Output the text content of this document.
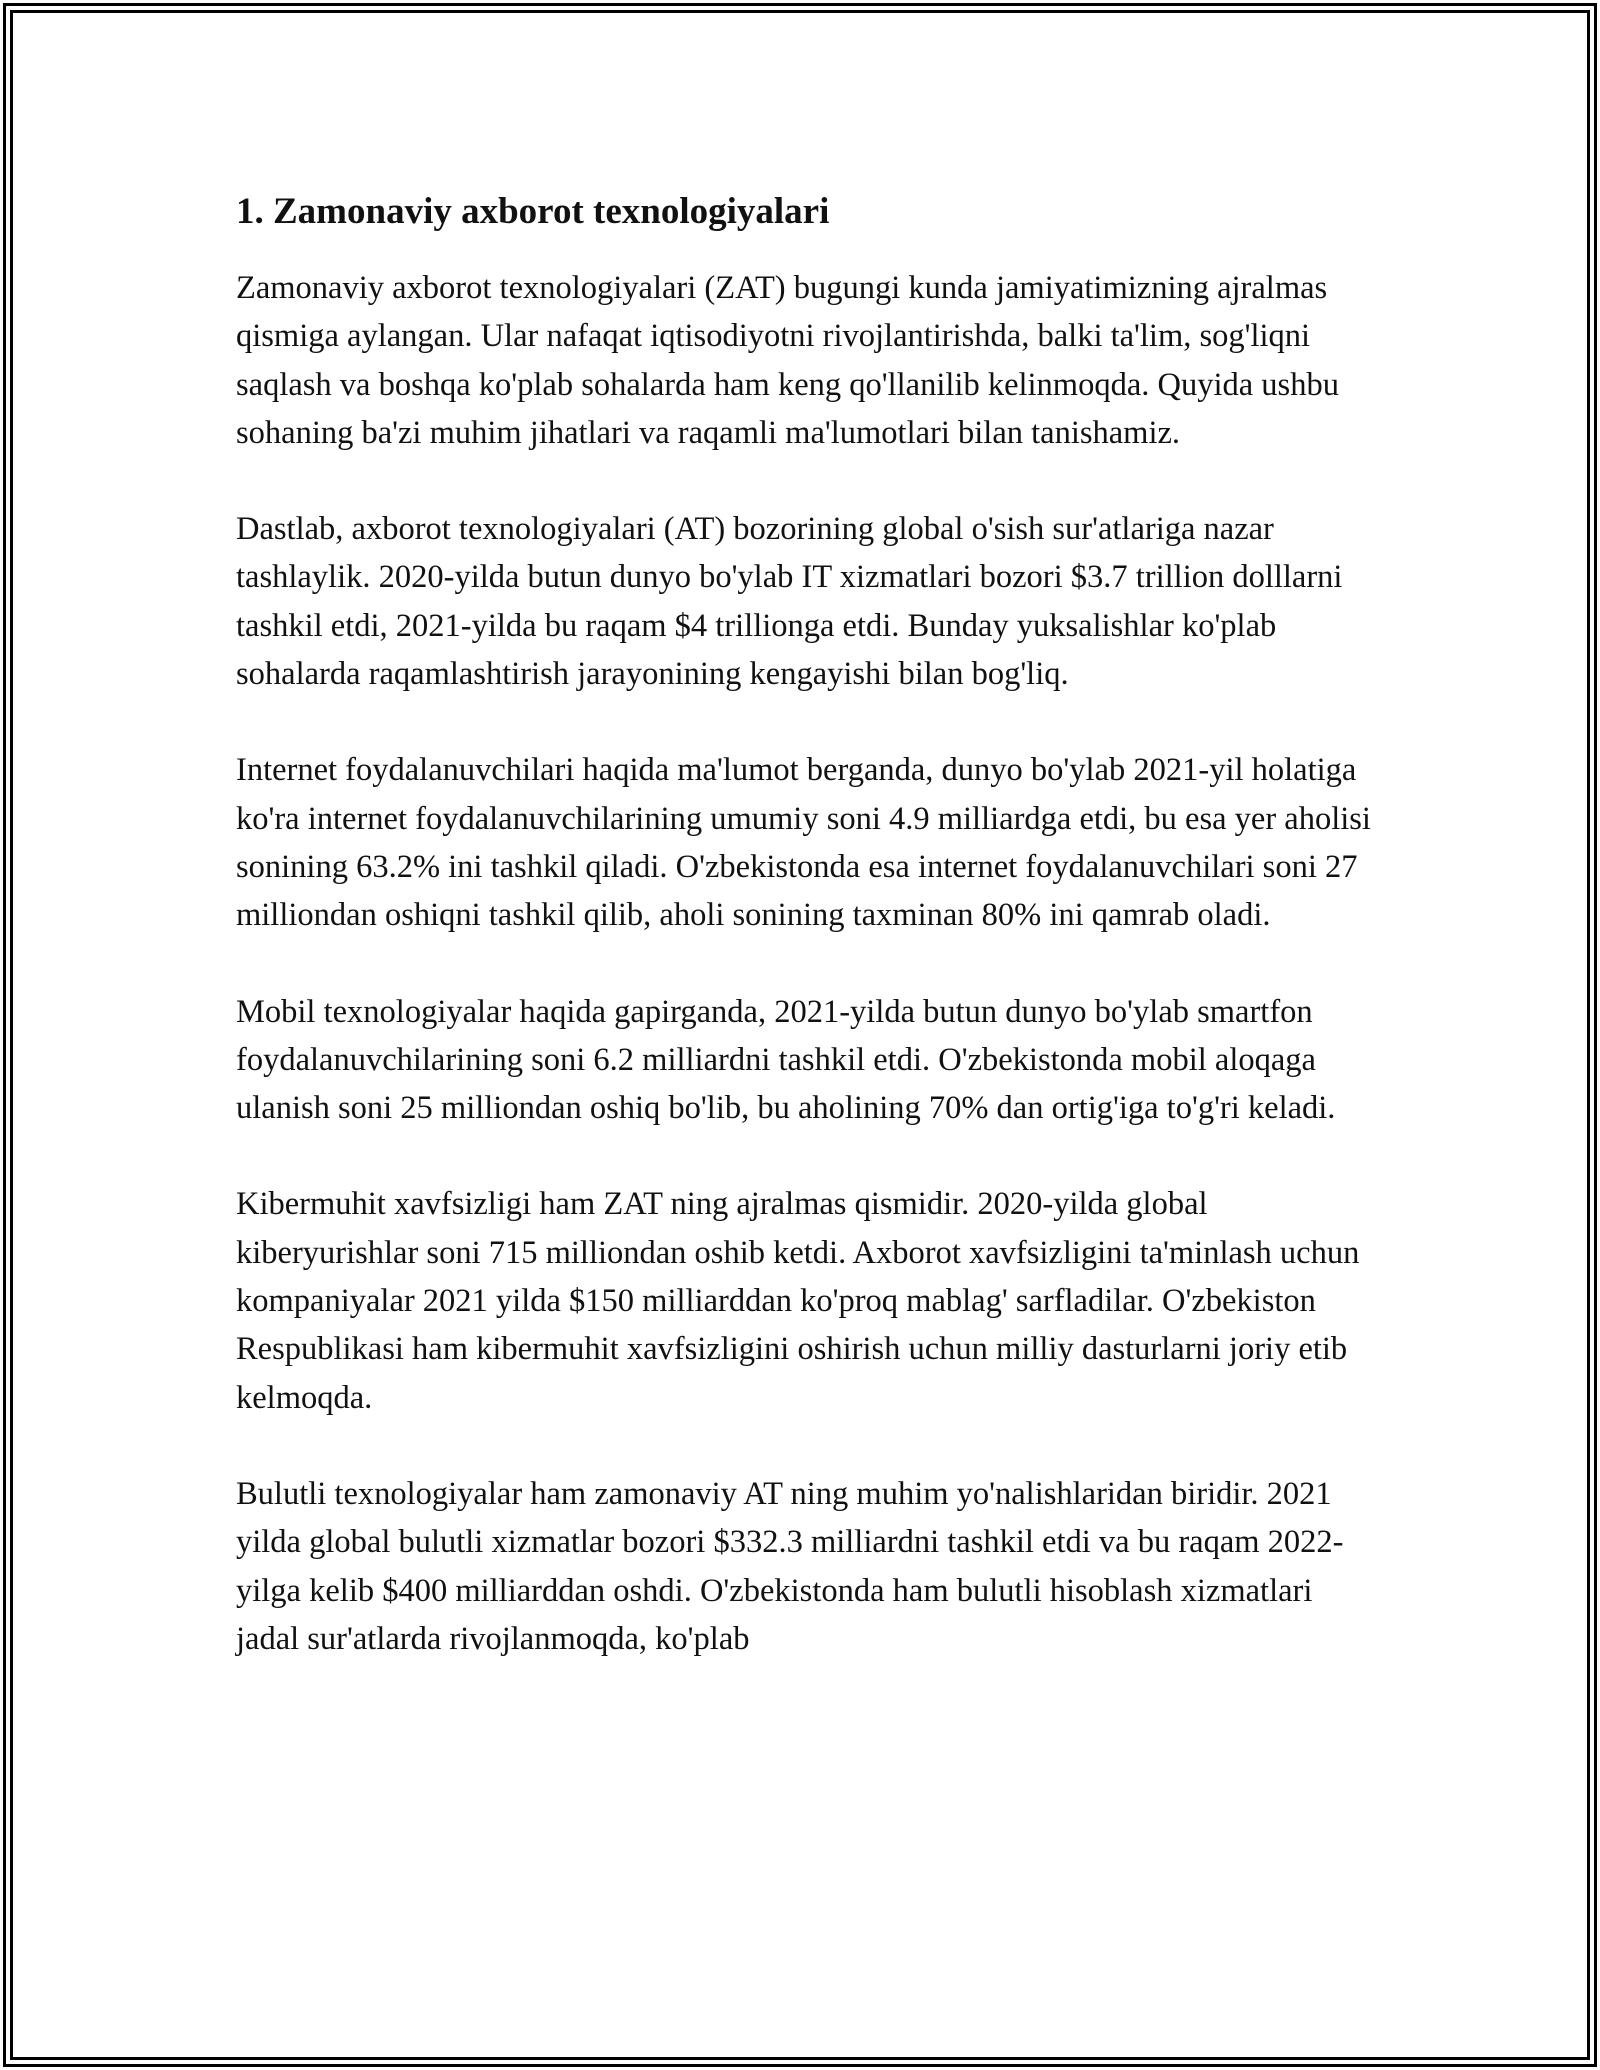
1. Zamonaviy axborot texnologiyalari

Zamonaviy axborot texnologiyalari (ZAT) bugungi kunda jamiyatimizning ajralmas qismiga aylangan. Ular nafaqat iqtisodiyotni rivojlantirishda, balki ta'lim, sog'liqni saqlash va boshqa ko'plab sohalarda ham keng qo'llanilib kelinmoqda. Quyida ushbu sohaning ba'zi muhim jihatlari va raqamli ma'lumotlari bilan tanishamiz.

Dastlab, axborot texnologiyalari (AT) bozorining global o'sish sur'atlariga nazar tashlaylik. 2020-yilda butun dunyo bo'ylab IT xizmatlari bozori $3.7 trillion dolllarni tashkil etdi, 2021-yilda bu raqam $4 trillionga etdi. Bunday yuksalishlar ko'plab sohalarda raqamlashtirish jarayonining kengayishi bilan bog'liq.

Internet foydalanuvchilari haqida ma'lumot berganda, dunyo bo'ylab 2021-yil holatiga ko'ra internet foydalanuvchilarining umumiy soni 4.9 milliardga etdi, bu esa yer aholisi sonining 63.2% ini tashkil qiladi. O'zbekistonda esa internet foydalanuvchilari soni 27 milliondan oshiqni tashkil qilib, aholi sonining taxminan 80% ini qamrab oladi.

Mobil texnologiyalar haqida gapirganda, 2021-yilda butun dunyo bo'ylab smartfon foydalanuvchilarining soni 6.2 milliardni tashkil etdi. O'zbekistonda mobil aloqaga ulanish soni 25 milliondan oshiq bo'lib, bu aholining 70% dan ortig'iga to'g'ri keladi.

Kibermuhit xavfsizligi ham ZAT ning ajralmas qismidir. 2020-yilda global kiberyurishlar soni 715 milliondan oshib ketdi. Axborot xavfsizligini ta'minlash uchun kompaniyalar 2021 yilda $150 milliarddan ko'proq mablag' sarfladilar. O'zbekiston Respublikasi ham kibermuhit xavfsizligini oshirish uchun milliy dasturlarni joriy etib kelmoqda.

Bulutli texnologiyalar ham zamonaviy AT ning muhim yo'nalishlaridan biridir. 2021 yilda global bulutli xizmatlar bozori $332.3 milliardni tashkil etdi va bu raqam 2022-yilga kelib $400 milliarddan oshdi. O'zbekistonda ham bulutli hisoblash xizmatlari jadal sur'atlarda rivojlanmoqda, ko'plab
